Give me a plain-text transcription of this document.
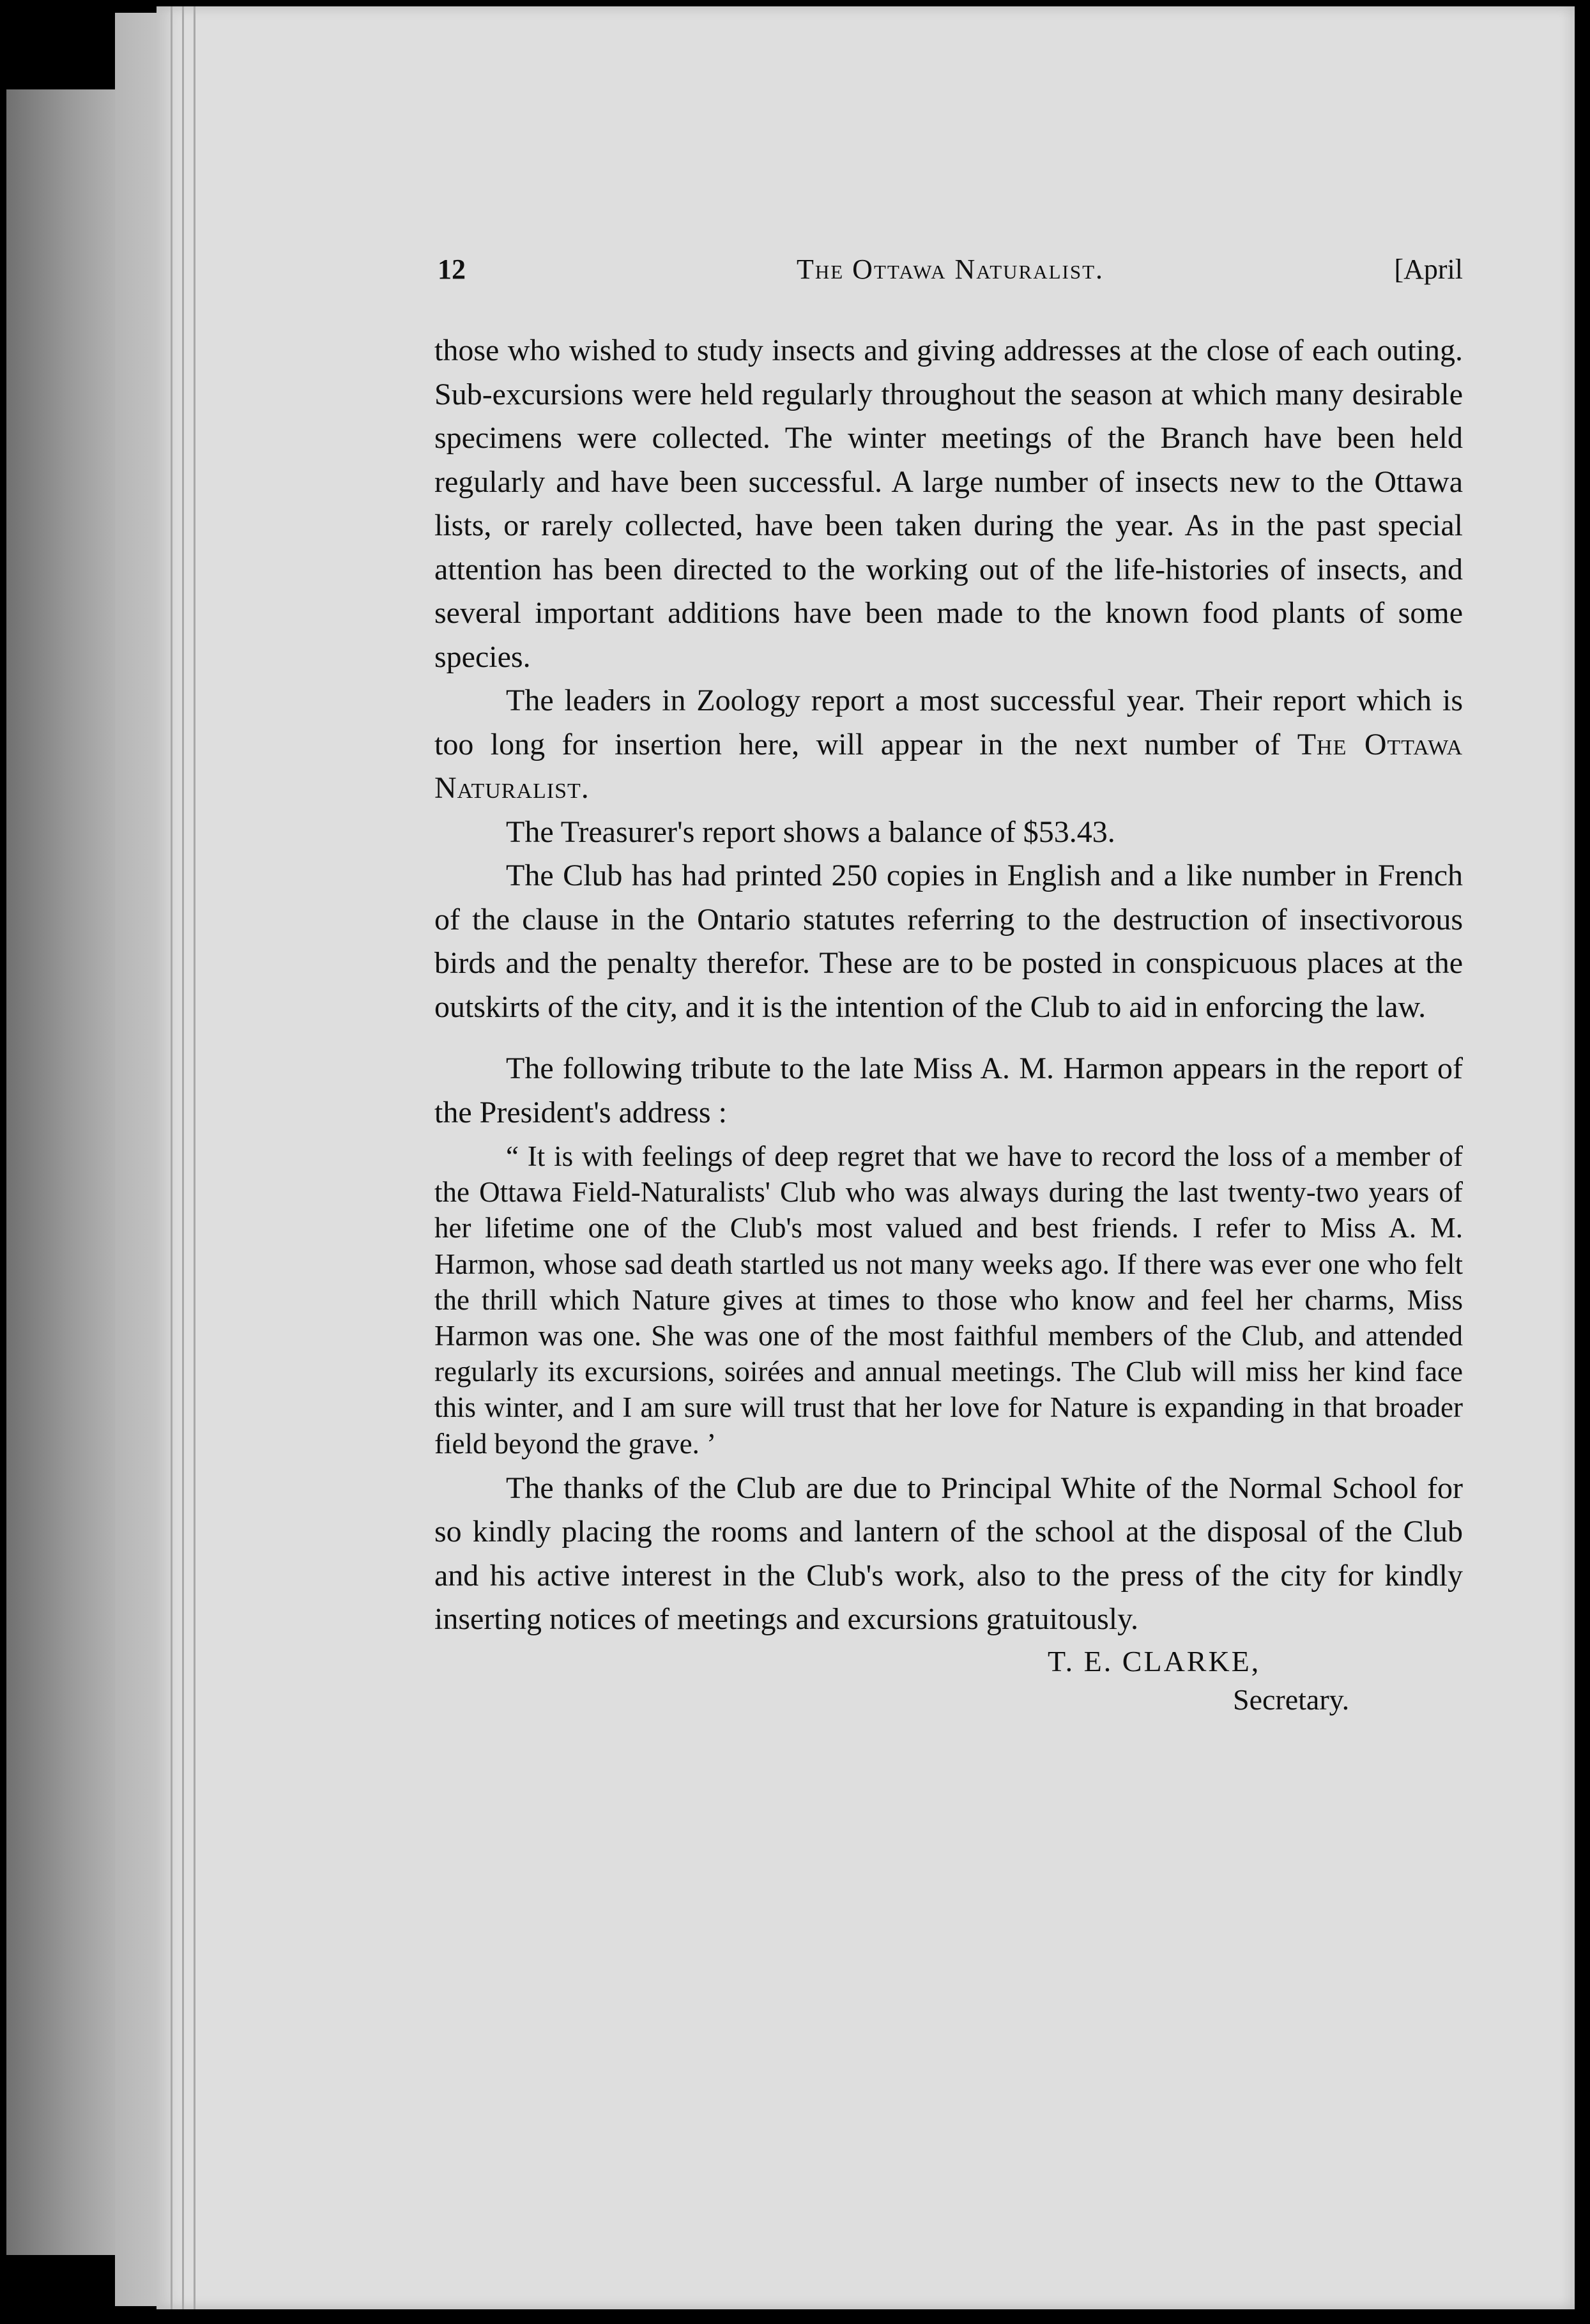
The Ottawa Naturalist.
12	[April

those who wished to study insects and giving addresses at the close of each outing. Sub-excursions were held regularly throughout the season at which many desirable specimens were collected. The winter meetings of the Branch have been held regularly and have been successful. A large number of insects new to the Ottawa lists, or rarely collected, have been taken during the year. As in the past special attention has been directed to the working out of the life-histories of insects, and several important additions have been made to the known food plants of some species.

The leaders in Zoology report a most successful year. Their report which is too long for insertion here, will appear in the next number of The Ottawa Naturalist.

The Treasurer's report shows a balance of $53.43.

The Club has had printed 250 copies in English and a like number in French of the clause in the Ontario statutes referring to the destruction of insectivorous birds and the penalty therefor. These are to be posted in conspicuous places at the outskirts of the city, and it is the intention of the Club to aid in enforcing the law.

The following tribute to the late Miss A. M. Harmon appears in the report of the President's address :

“ It is with feelings of deep regret that we have to record the loss of a member of the Ottawa Field-Naturalists' Club who was always during the last twenty-two years of her lifetime one of the Club's most valued and best friends. I refer to Miss A. M. Harmon, whose sad death startled us not many weeks ago. If there was ever one who felt the thrill which Nature gives at times to those who know and feel her charms, Miss Harmon was one. She was one of the most faithful members of the Club, and attended regularly its excursions, soirées and annual meetings. The Club will miss her kind face this winter, and I am sure will trust that her love for Nature is expanding in that broader field beyond the grave. ’

The thanks of the Club are due to Principal White of the Normal School for so kindly placing the rooms and lantern of the school at the disposal of the Club and his active interest in the Club's work, also to the press of the city for kindly inserting notices of meetings and excursions gratuitously.

T. E. CLARKE,
Secretary.
